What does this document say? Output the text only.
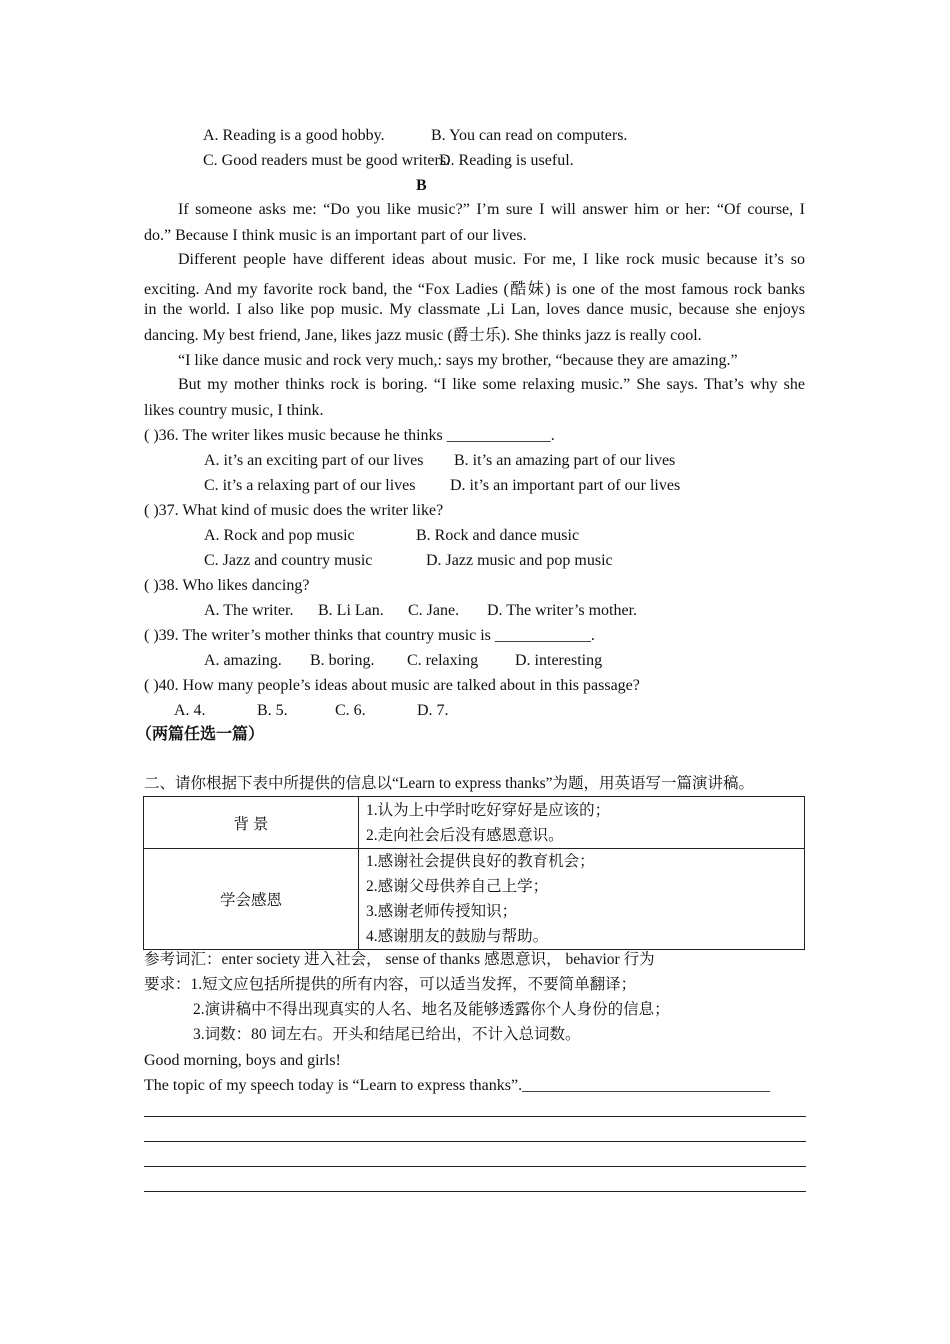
A. Reading is a good hobby.	B. You can read on computers.
C. Good readers must be good writers.
D. Reading is useful.
B
If someone asks me: “Do you like music?” I’m sure I will answer him or her: “Of course, I
do.” Because I think music is an important part of our lives.
Different people have different ideas about music. For me, I like rock music because it’s so
exciting. And my favorite rock band, the “Fox Ladies (酷妹) is one of the most famous rock banks
in the world. I also like pop music. My classmate ,Li Lan, loves dance music, because she enjoys
dancing. My best friend, Jane, likes jazz music (爵士乐). She thinks jazz is really cool.
“I like dance music and rock very much,: says my brother, “because they are amazing.”
But my mother thinks rock is boring. “I like some relaxing music.” She says. That’s why she
likes country music, I think.
( )36. The writer likes music because he thinks _____________.
A. it’s an exciting part of our lives B. it’s an amazing part of our lives
C. it’s a relaxing part of our lives D. it’s an important part of our lives
( )37. What kind of music does the writer like?
A. Rock and pop music	B. Rock and dance music
C. Jazz and country music	D. Jazz music and pop music
( )38. Who likes dancing?
A. The writer. B. Li Lan. C. Jane. D. The writer’s mother.
( )39. The writer’s mother thinks that country music is ____________.
A. amazing. B. boring. C. relaxing D. interesting
( )40. How many people’s ideas about music are talked about in this passage?
A. 4.	B. 5.	C. 6.	D. 7.
（两篇任选一篇）
二、请你根据下表中所提供的信息以“Learn to express thanks”为题，用英语写一篇演讲稿。
背 景	1.认为上中学时吃好穿好是应该的；
2.走向社会后没有感恩意识。

学会感恩	1.感谢社会提供良好的教育机会；
2.感谢父母供养自己上学；
3.感谢老师传授知识；
4.感谢朋友的鼓励与帮助。
参考词汇：enter society 进入社会， sense of thanks 感恩意识， behavior 行为
要求：1.短文应包括所提供的所有内容，可以适当发挥，不要简单翻译；
2.演讲稿中不得出现真实的人名、地名及能够透露你个人身份的信息；
3.词数：80 词左右。开头和结尾已给出，不计入总词数。
Good morning, boys and girls!
The topic of my speech today is “Learn to express thanks”._______________________________
